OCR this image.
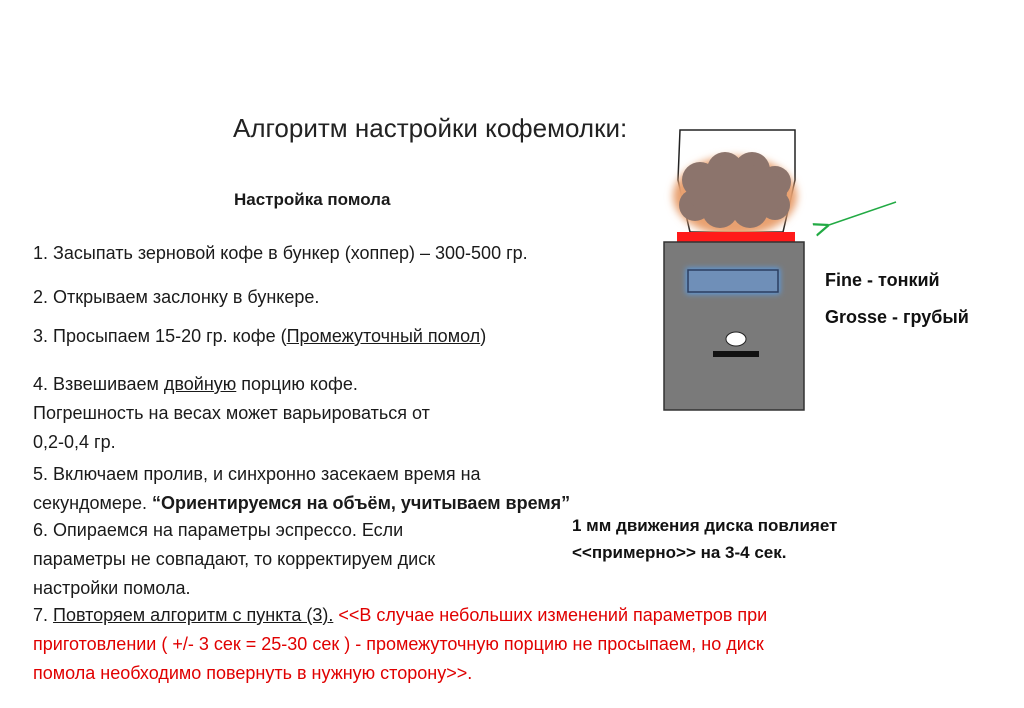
Алгоритм настройки кофемолки:
Настройка помола
1. Засыпать зерновой кофе в бункер (хоппер) – 300-500 гр.
2. Открываем заслонку в бункере.
3. Просыпаем 15-20 гр. кофе (Промежуточный помол)
4. Взвешиваем двойную порцию кофе.
Погрешность на весах может варьироваться от
0,2-0,4 гр.
5. Включаем пролив, и синхронно засекаем время на
секундомере. “Ориентируемся на объём, учитываем время”
6. Опираемся на параметры эспрессо. Если
параметры не совпадают, то корректируем диск
настройки помола.
7. Повторяем алгоритм с пункта (3). <<В случае небольших изменений параметров при
приготовлении ( +/- 3 сек = 25-30 сек ) - промежуточную порцию не просыпаем, но диск
помола необходимо повернуть в нужную сторону>>.
1 мм движения диска повлияет
<<примерно>> на 3-4 сек.
Fine - тонкий
Grosse - грубый
